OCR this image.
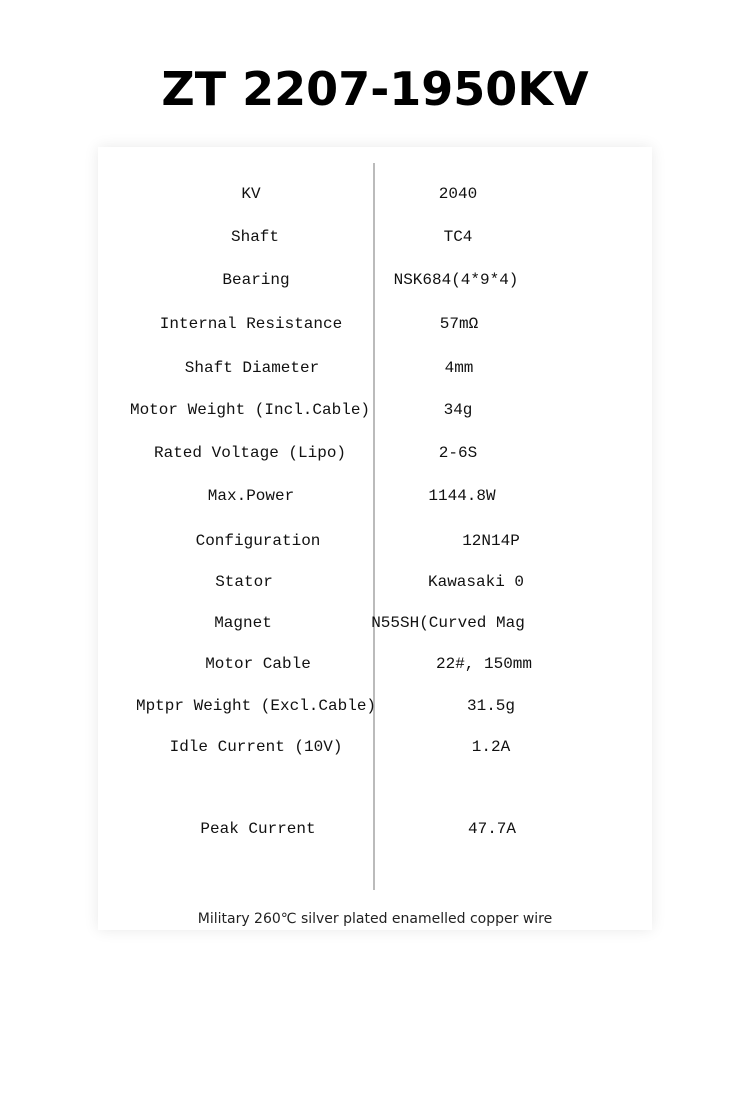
ZT 2207-1950KV
KV
Shaft
Bearing
Internal Resistance
Shaft Diameter
Motor Weight (Incl.Cable)
Rated Voltage (Lipo)
Max.Power
Configuration
Stator
Magnet
Motor Cable
Mptpr Weight (Excl.Cable)
Idle Current (10V)
Peak Current
2040
TC4
NSK684(4*9*4)
57mΩ
4mm
34g
2-6S
1144.8W
12N14P
Kawasaki 0
N55SH(Curved Mag
22#, 150mm
31.5g
1.2A
47.7A
Military 260℃ silver plated enamelled copper wire
